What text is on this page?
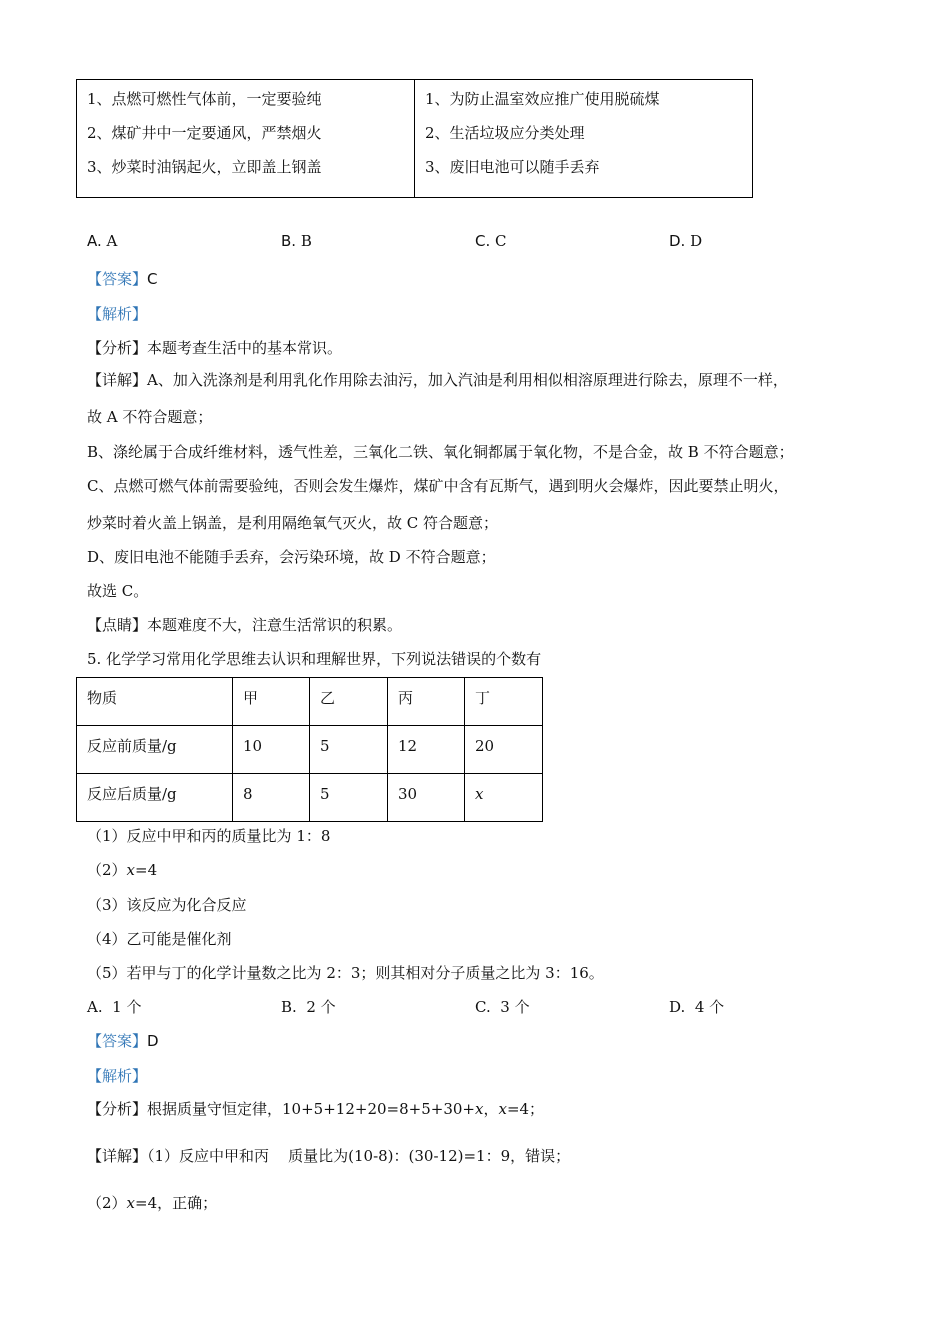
1、点燃可燃性气体前，一定要验纯
2、煤矿井中一定要通风，严禁烟火
3、炒菜时油锅起火，立即盖上钢盖

1、为防止温室效应推广使用脱硫煤
2、生活垃圾应分类处理
3、废旧电池可以随手丢弃
A. A	B. B	C. C	D. D
【答案】C
【解析】
【分析】本题考查生活中的基本常识。
【详解】A、加入洗涤剂是利用乳化作用除去油污，加入汽油是利用相似相溶原理进行除去，原理不一样，
故 A 不符合题意；
B、涤纶属于合成纤维材料，透气性差，三氧化二铁、氧化铜都属于氧化物，不是合金，故 B 不符合题意；
C、点燃可燃气体前需要验纯，否则会发生爆炸，煤矿中含有瓦斯气，遇到明火会爆炸，因此要禁止明火，
炒菜时着火盖上锅盖，是利用隔绝氧气灭火，故 C 符合题意；
D、废旧电池不能随手丢弃，会污染环境，故 D 不符合题意；
故选 C。
【点睛】本题难度不大，注意生活常识的积累。
5. 化学学习常用化学思维去认识和理解世界，下列说法错误的个数有
物质	甲	乙	丙	丁
反应前质量/g	10	5	12	20
反应后质量/g	8	5	30	x
（1）反应中甲和丙的质量比为 1：8
（2）x=4
（3）该反应为化合反应
（4）乙可能是催化剂
（5）若甲与丁的化学计量数之比为 2：3；则其相对分子质量之比为 3：16。
A. 1 个	B. 2 个	C. 3 个	D. 4 个
【答案】D
【解析】
【分析】根据质量守恒定律，10+5+12+20=8+5+30+x，x=4；
【详解】（1）反应中甲和丙    质量比为(10-8)：(30-12)=1：9，错误；
（2）x=4，正确；
